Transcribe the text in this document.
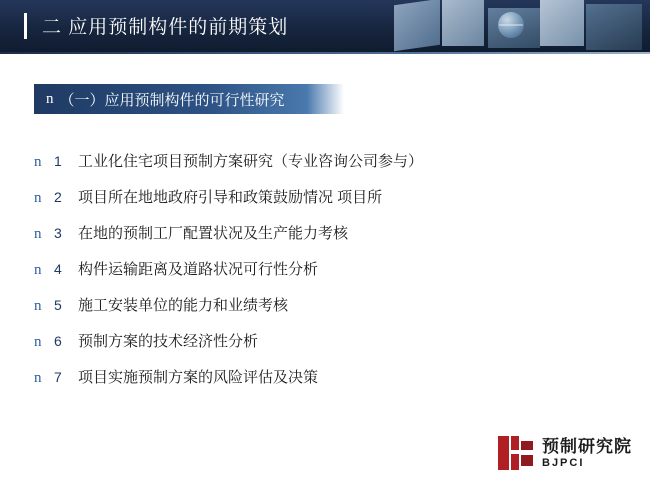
二 应用预制构件的前期策划
n （一）应用预制构件的可行性研究
n 1	工业化住宅项目预制方案研究（专业咨询公司参与）
n 2	项目所在地地政府引导和政策鼓励情况 项目所
n 3	在地的预制工厂配置状况及生产能力考核
n 4	构件运输距离及道路状况可行性分析
n 5	施工安装单位的能力和业绩考核
n 6	预制方案的技术经济性分析
n 7	项目实施预制方案的风险评估及决策
预制研究院
BJPCI
